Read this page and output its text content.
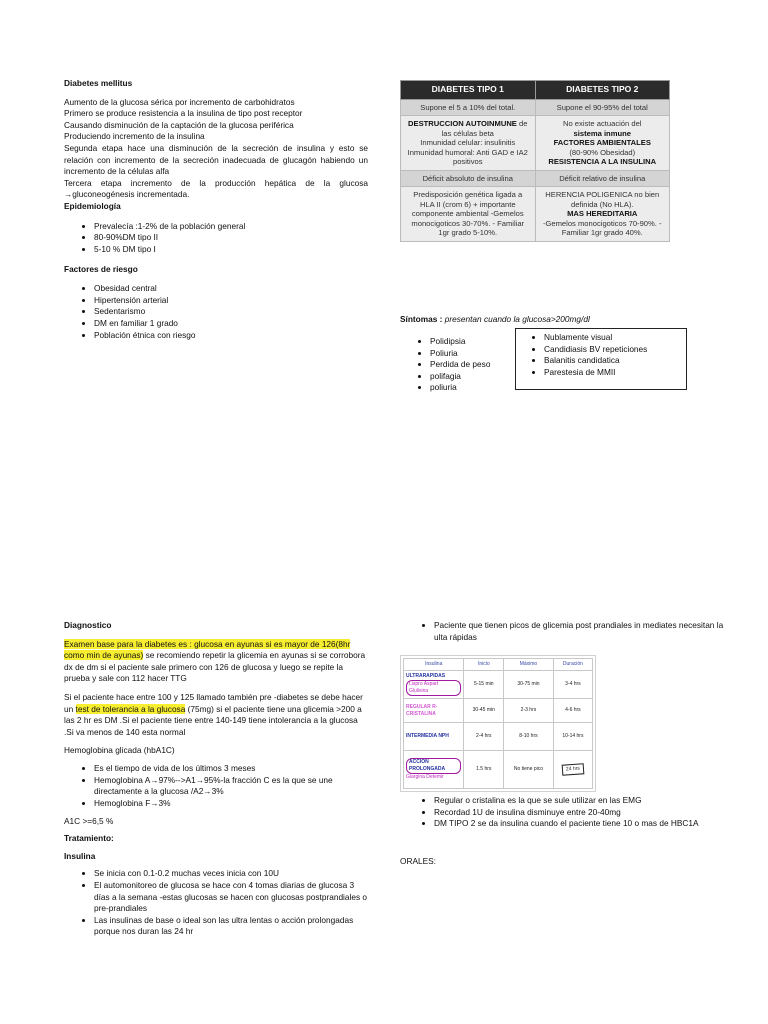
Diabetes mellitus

Aumento de la glucosa sérica por incremento de carbohidratos

Primero se produce resistencia a la insulina de tipo post receptor

Causando disminución de la captación de la glucosa periférica

Produciendo incremento de la insulina

Segunda etapa hace una disminución de la secreción de insulina y esto se relación con incremento de la secreción inadecuada de glucagón habiendo un incremento de la células alfa

Tercera etapa incremento de la producción hepática de la glucosa →gluconeogénesis incrementada.

Epidemiología

• Prevalecía :1-2% de la población general
• 80-90%DM tipo II
• 5-10 % DM tipo I

Factores de riesgo

• Obesidad central
• Hipertensión arterial
• Sedentarismo
• DM en familiar 1 grado
• Población étnica con riesgo
DIABETES TIPO 1	DIABETES TIPO 2
Supone el 5 a 10% del total.	Supone el 90-95% del total
DESTRUCCION AUTOINMUNE de las células beta
Inmunidad celular: insulinitis Inmunidad humoral: Anti GAD e IA2 positivos	No existe actuación del
sistema inmune
FACTORES AMBIENTALES
(80-90% Obesidad)
RESISTENCIA A LA INSULINA
Déficit absoluto de insulina	Déficit relativo de insulina
Predisposición genética ligada a HLA II (crom 6) + importante componente ambiental -Gemelos monocigoticos 30-70%. - Familiar 1gr grado 5-10%.	HERENCIA POLIGENICA no bien definida (No HLA).
MAS HEREDITARIA
-Gemelos monocigoticos 70-90%. - Familiar 1gr grado 40%.
Síntomas : presentan cuando la glucosa>200mg/dl
• Polidipsia
• Poliuria
• Perdida de peso
• polifagia
• poliuria
• Nublamente visual
• Candidiasis BV repeticiones
• Balanitis candidatica
• Parestesia de MMII

Diagnostico

Examen base para la diabetes es : glucosa en ayunas si es mayor de 126(8hr como min de ayunas) se recomiendo repetir la glicemia en ayunas si se corrobora dx de dm si el paciente sale primero con 126 de glucosa y luego se repite la prueba y sale con 112 hacer TTG

Si el paciente hace entre 100 y 125 llamado también pre -diabetes se debe hacer un test de tolerancia a la glucosa (75mg) si el paciente tiene una glicemia >200 a las 2 hr es DM .Si el paciente tiene entre 140-149 tiene intolerancia a la glucosa .Si va menos de 140 esta normal

Hemoglobina glicada (hbA1C)

• Es el tiempo de vida de los últimos 3 meses
• Hemoglobina A→97%-->A1→95%-la fracción C es la que se une directamente a la glucosa /A2→3%
• Hemoglobina F→3%

A1C >=6,5 %

Tratamiento:

Insulina

• Se inicia con 0.1-0.2 muchas veces inicia con 10U
• El automonitoreo de glucosa se hace con 4 tomas diarias de glucosa 3 días a la semana -estas glucosas se hacen con glucosas postprandiales o pre-prandiales
• Las insulinas de base o ideal son las ultra lentas o acción prolongadas porque nos duran las 24 hr
• Paciente que tienen picos de glicemia post prandiales in mediates necesitan la ulta rápidas
Insulina	Inicio	Máximo	Duración
ULTRARAPIDAS
Lispro Aspart Glulisina	5-15 min	30-75 min	3-4 hrs
REGULAR R-CRISTALINA	30-45 min	2-3 hrs	4-6 hrs
INTERMEDIA NPH	2-4 hrs	8-10 hrs	10-14 hrs
ACCION PROLONGADA
Glargina Detemir	1.5 hrs	No tiene pico	24 hrs
• Regular o cristalina es la que se sule utilizar en las EMG
• Recordad 1U de insulina disminuye entre 20-40mg
• DM TIPO 2 se da insulina cuando el paciente tiene 10 o mas de HBC1A

ORALES:
